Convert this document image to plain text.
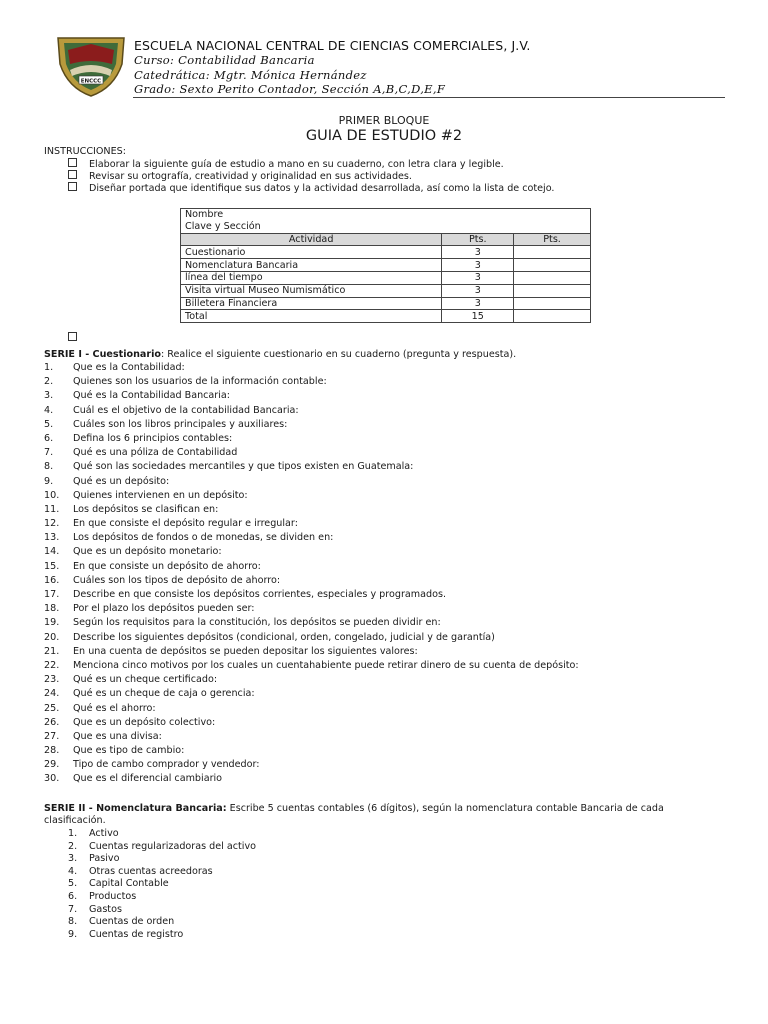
ENCCC
ESCUELA NACIONAL CENTRAL DE CIENCIAS COMERCIALES, J.V.
Curso: Contabilidad Bancaria
Catedrática: Mgtr. Mónica Hernández
Grado: Sexto Perito Contador, Sección A,B,C,D,E,F
PRIMER BLOQUE
GUIA DE ESTUDIO #2
INSTRUCCIONES:
Elaborar la siguiente guía de estudio a mano en su cuaderno, con letra clara y legible.
Revisar su ortografía, creatividad y originalidad en sus actividades.
Diseñar portada que identifique sus datos y la actividad desarrollada, así como la lista de cotejo.
Nombre		
Clave y Sección		
Actividad	Pts.	Pts.
Cuestionario	3	
Nomenclatura Bancaria	3	
línea del tiempo	3	
Visita virtual Museo Numismático	3	
Billetera Financiera	3	
Total	15	
SERIE I - Cuestionario: Realice el siguiente cuestionario en su cuaderno (pregunta y respuesta).
1. Que es la Contabilidad:
2. Quienes son los usuarios de la información contable:
3. Qué es la Contabilidad Bancaria:
4. Cuál es el objetivo de la contabilidad Bancaria:
5. Cuáles son los libros principales y auxiliares:
6. Defina los 6 principios contables:
7. Qué es una póliza de Contabilidad
8. Qué son las sociedades mercantiles y que tipos existen en Guatemala:
9. Qué es un depósito:
10. Quienes intervienen en un depósito:
11. Los depósitos se clasifican en:
12. En que consiste el depósito regular e irregular:
13. Los depósitos de fondos o de monedas, se dividen en:
14. Que es un depósito monetario:
15. En que consiste un depósito de ahorro:
16. Cuáles son los tipos de depósito de ahorro:
17. Describe en que consiste los depósitos corrientes, especiales y programados.
18. Por el plazo los depósitos pueden ser:
19. Según los requisitos para la constitución, los depósitos se pueden dividir en:
20. Describe los siguientes depósitos (condicional, orden, congelado, judicial y de garantía)
21. En una cuenta de depósitos se pueden depositar los siguientes valores:
22. Menciona cinco motivos por los cuales un cuentahabiente puede retirar dinero de su cuenta de depósito:
23. Qué es un cheque certificado:
24. Qué es un cheque de caja o gerencia:
25. Qué es el ahorro:
26. Que es un depósito colectivo:
27. Que es una divisa:
28. Que es tipo de cambio:
29. Tipo de cambo comprador y vendedor:
30. Que es el diferencial cambiario
SERIE II - Nomenclatura Bancaria: Escribe 5 cuentas contables (6 dígitos), según la nomenclatura contable Bancaria de cada clasificación.
1. Activo
2. Cuentas regularizadoras del activo
3. Pasivo
4. Otras cuentas acreedoras
5. Capital Contable
6. Productos
7. Gastos
8. Cuentas de orden
9. Cuentas de registro
